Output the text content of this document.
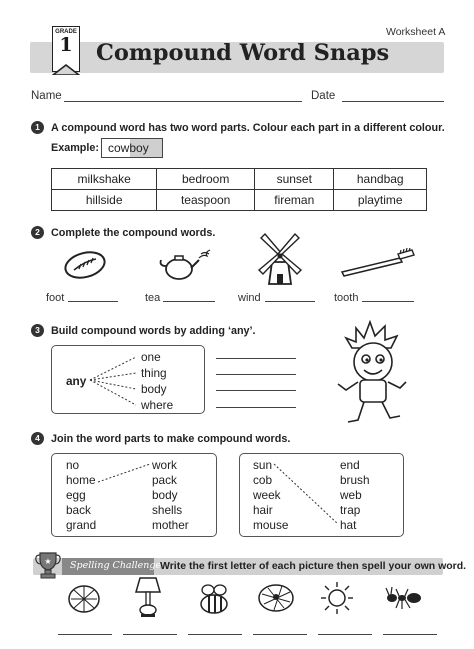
Worksheet A
GRADE
1 Compound Word Snaps
Name	Date
1	A compound word has two word parts. Colour each part in a different colour.
Example: cowboy
milkshake	bedroom	sunset	handbag
hillside	teaspoon	fireman	playtime
2	Complete the compound words.
foot	tea	wind	tooth
3	Build compound words by adding ‘any’.
any
one
thing
body
where
4	Join the word parts to make compound words.
no
home
egg
back
grand
work
pack
body
shells
mother
sun
cob
week
hair
mouse
end
brush
web
trap
hat
★ Spelling Challenge
Write the first letter of each picture then spell your own word.
